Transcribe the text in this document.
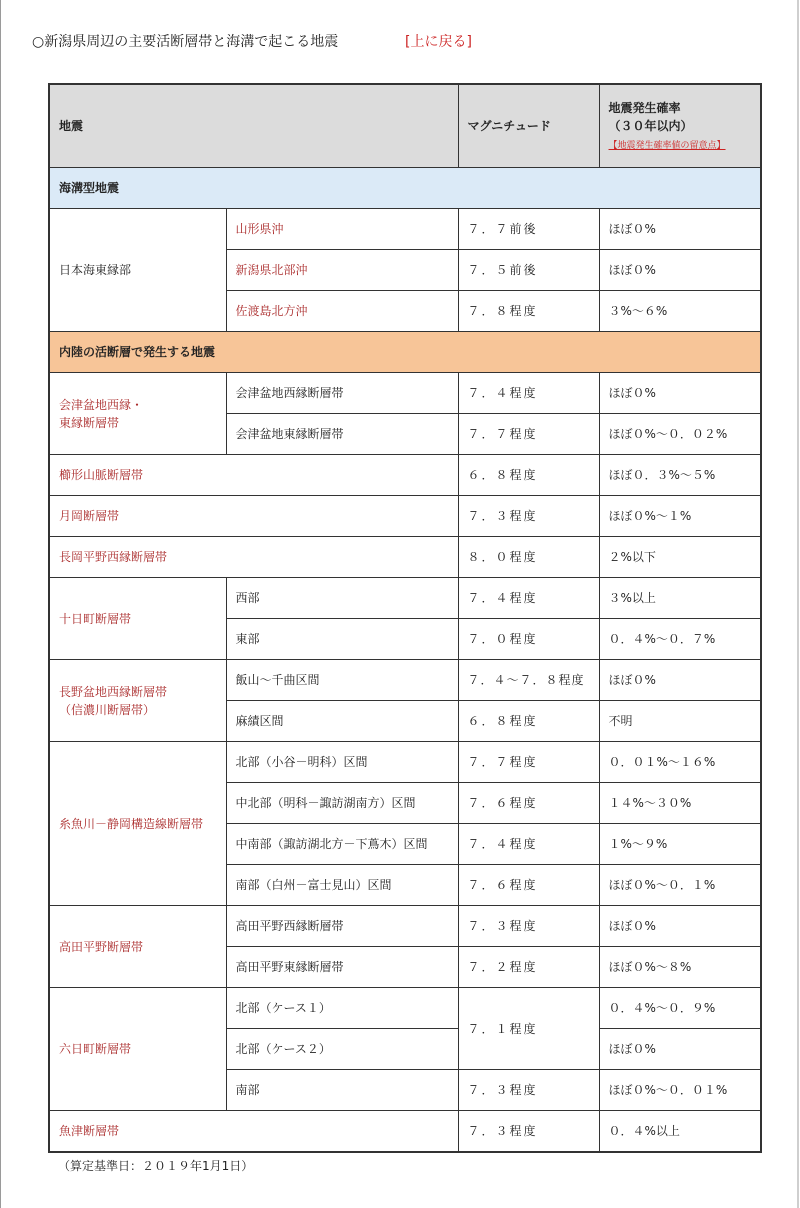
○新潟県周辺の主要活断層帯と海溝で起こる地震	[上に戻る]
地震		マグニチュード	地震発生確率
（３０年以内）
【地震発生確率値の留意点】

海溝型地震			
日本海東縁部	山形県沖	７．７前後	ほぼ０%
	新潟県北部沖	７．５前後	ほぼ０%
	佐渡島北方沖	７．８程度	３%～６%
内陸の活断層で発生する地震			
会津盆地西縁・
東縁断層帯	会津盆地西縁断層帯	７．４程度	ほぼ０%
	会津盆地東縁断層帯	７．７程度	ほぼ０%～０．０２%
櫛形山脈断層帯		６．８程度	ほぼ０．３%～５%
月岡断層帯		７．３程度	ほぼ０%～１%
長岡平野西縁断層帯		８．０程度	２%以下
十日町断層帯	西部	７．４程度	３%以上
	東部	７．０程度	０．４%～０．７%
長野盆地西縁断層帯
（信濃川断層帯）	飯山～千曲区間	７．４～７．８程度	ほぼ０%
	麻績区間	６．８程度	不明
糸魚川－静岡構造線断層帯	北部（小谷－明科）区間	７．７程度	０．０１%～１６%
	中北部（明科－諏訪湖南方）区間	７．６程度	１４%～３０%
	中南部（諏訪湖北方－下蔦木）区間	７．４程度	１%～９%
	南部（白州－富士見山）区間	７．６程度	ほぼ０%～０．１%
高田平野断層帯	高田平野西縁断層帯	７．３程度	ほぼ０%
	高田平野東縁断層帯	７．２程度	ほぼ０%～８%
六日町断層帯	北部（ケース１）	７．１程度	０．４%～０．９%
	北部（ケース２）		ほぼ０%
	南部	７．３程度	ほぼ０%～０．０１%
魚津断層帯		７．３程度	０．４%以上
（算定基準日：２０１９年1月1日）
